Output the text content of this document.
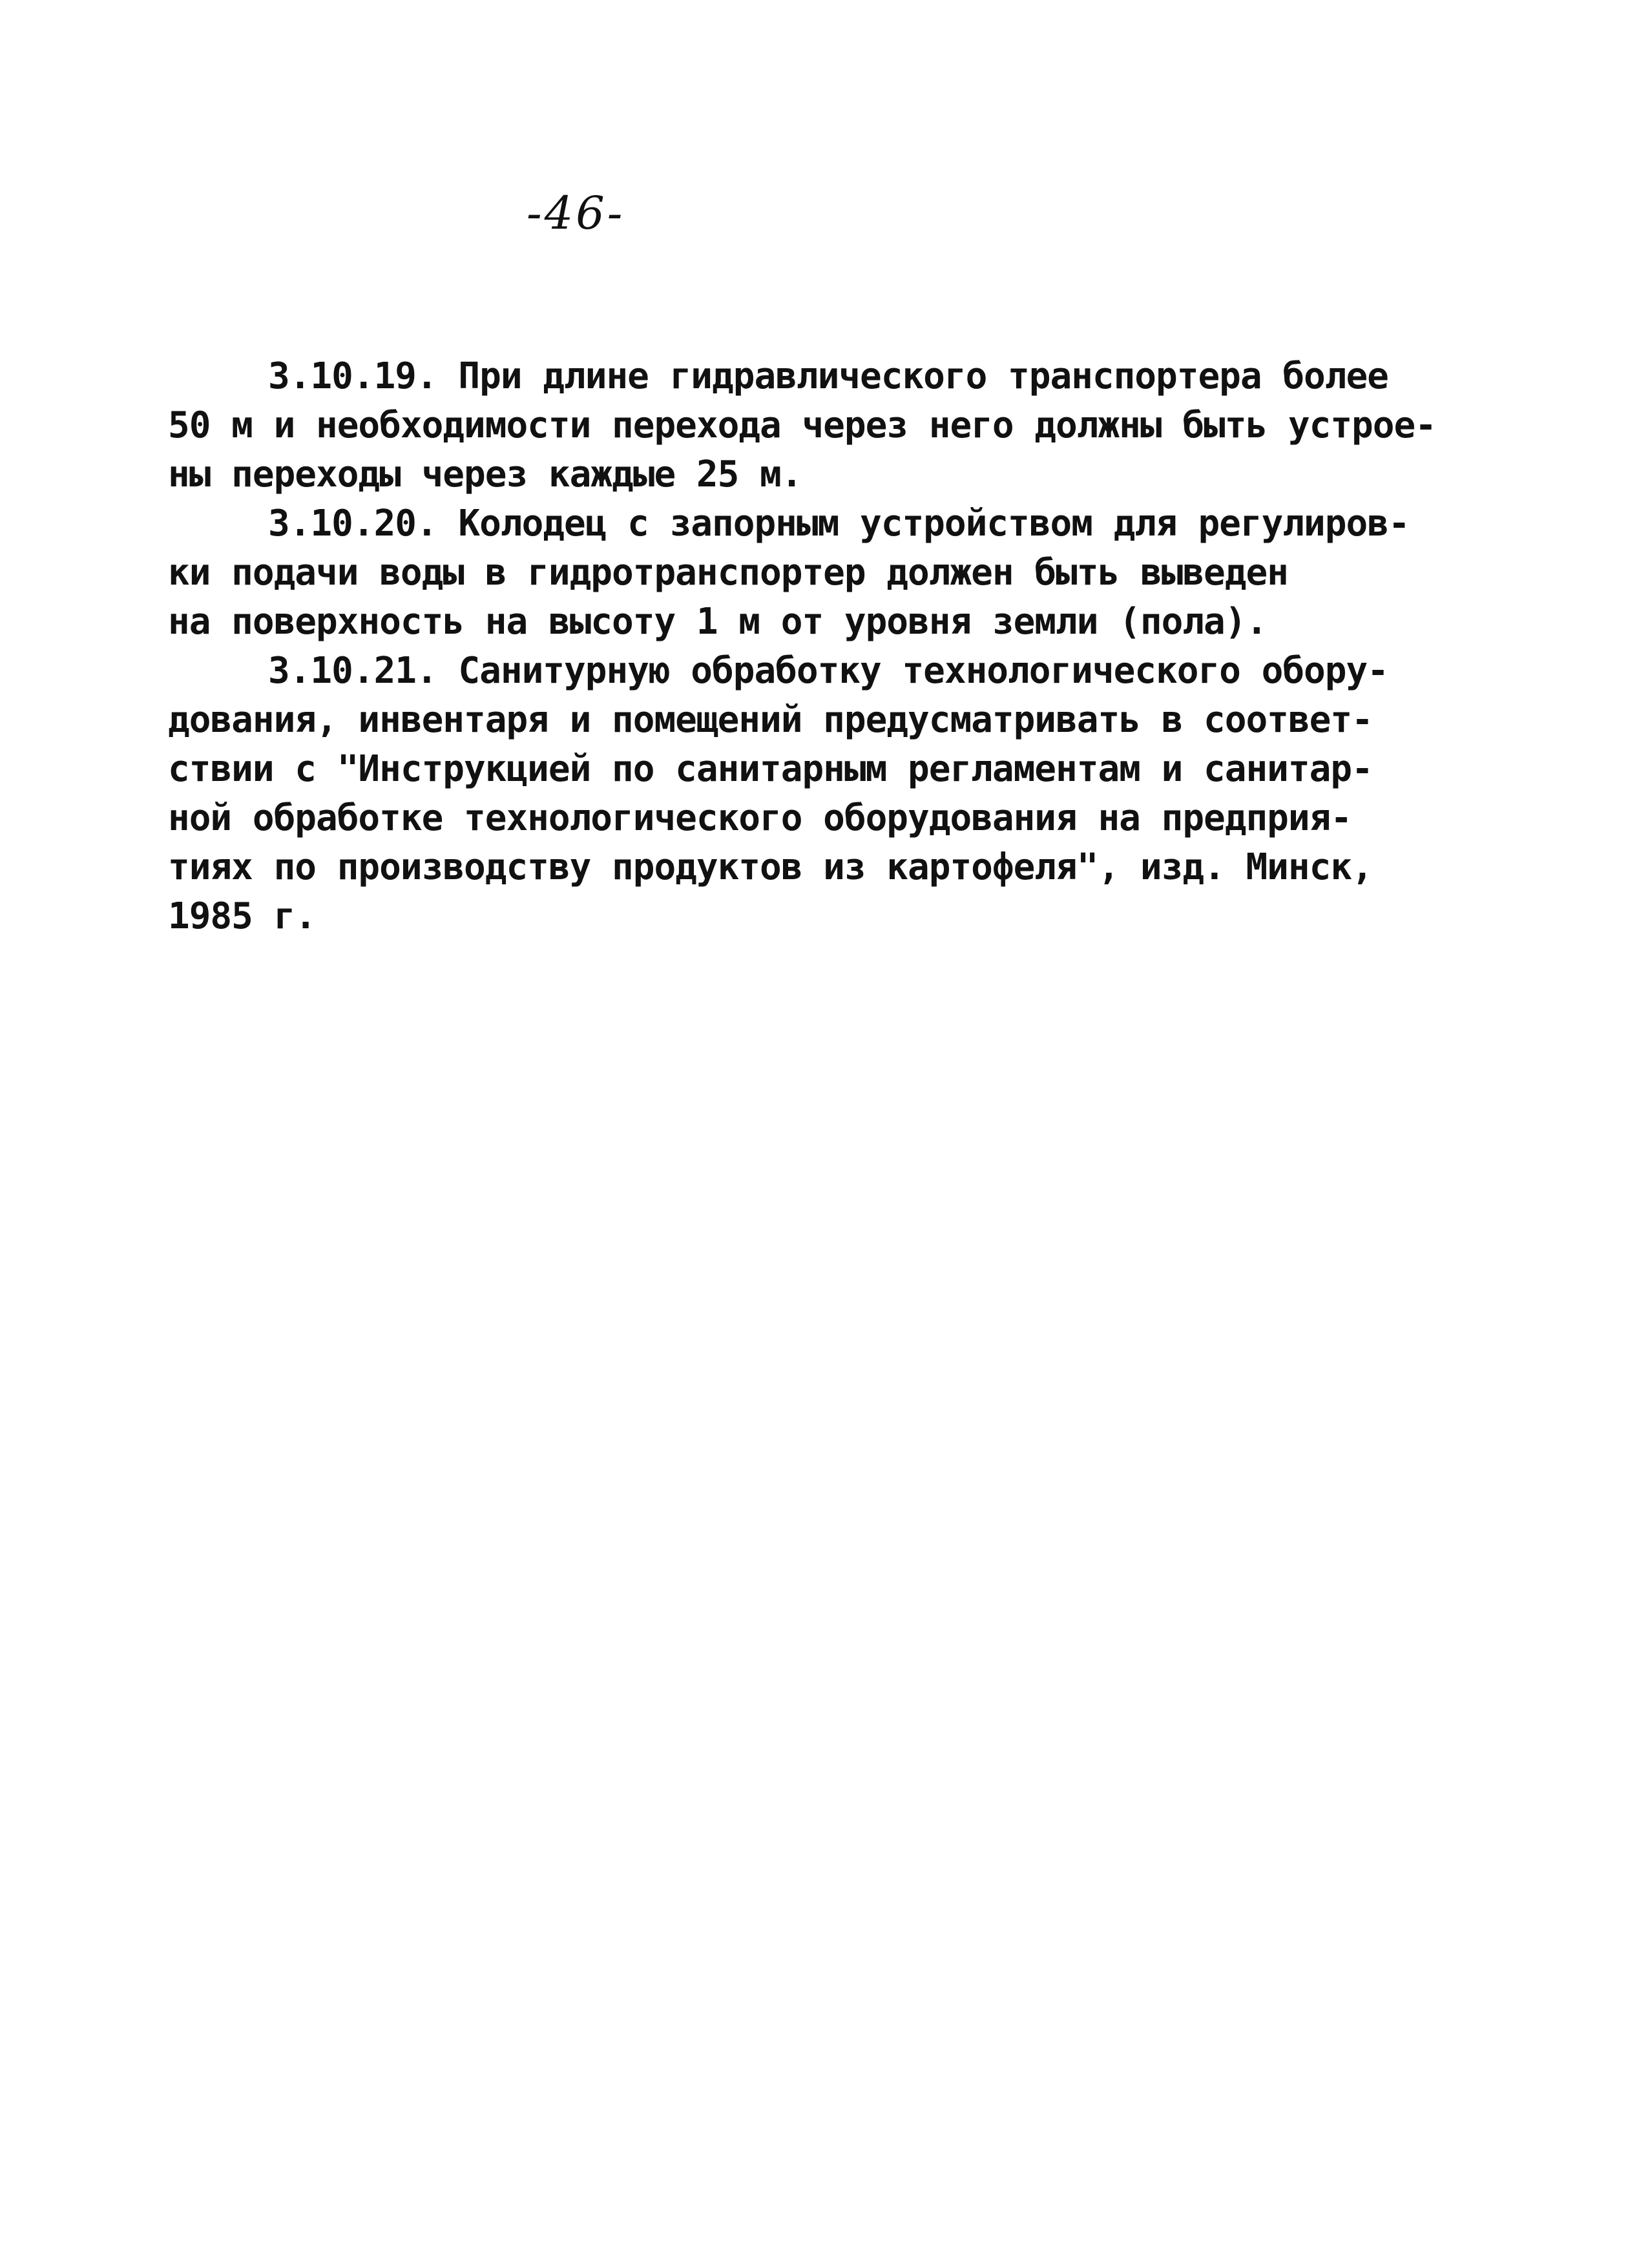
-46-
3.10.19. При длине гидравлического транспортера более
50 м и необходимости перехода через него должны быть устрое-
ны переходы через каждые 25 м.
3.10.20. Колодец с запорным устройством для регулиров-
ки подачи воды в гидротранспортер должен быть выведен
на поверхность на высоту 1 м от уровня земли (пола).
3.10.21. Санитурную обработку технологического обору-
дования, инвентаря и помещений предусматривать в соответ-
ствии с "Инструкцией по санитарным регламентам и санитар-
ной обработке технологического оборудования на предприя-
тиях по производству продуктов из картофеля", изд. Минск,
1985 г.
